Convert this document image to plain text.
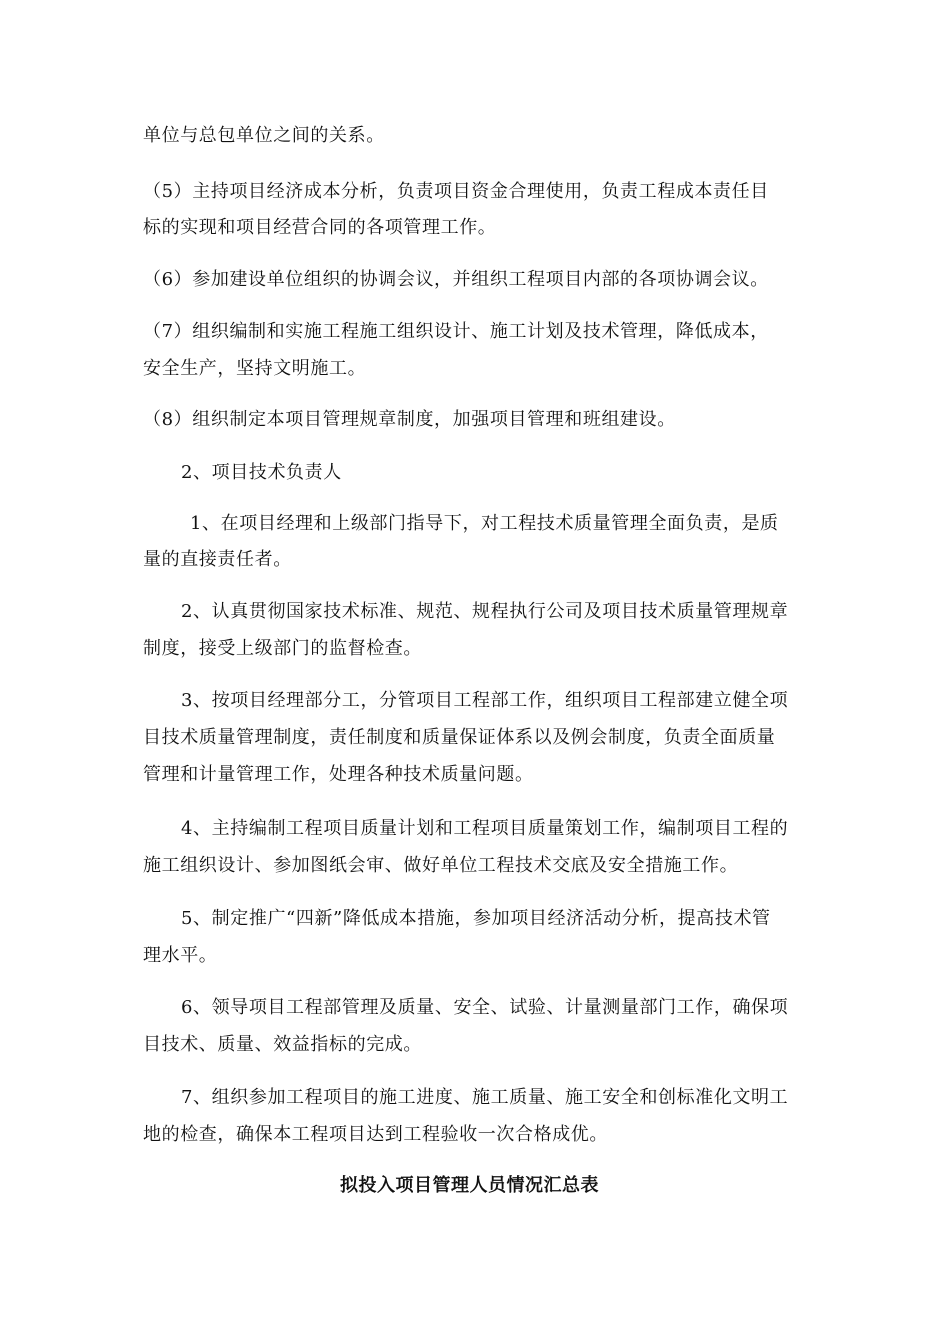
单位与总包单位之间的关系。
（5）主持项目经济成本分析，负责项目资金合理使用，负责工程成本责任目
标的实现和项目经营合同的各项管理工作。
（6）参加建设单位组织的协调会议，并组织工程项目内部的各项协调会议。
（7）组织编制和实施工程施工组织设计、施工计划及技术管理，降低成本，
安全生产，坚持文明施工。
（8）组织制定本项目管理规章制度，加强项目管理和班组建设。
2、项目技术负责人
1、在项目经理和上级部门指导下，对工程技术质量管理全面负责，是质
量的直接责任者。
2、认真贯彻国家技术标准、规范、规程执行公司及项目技术质量管理规章
制度，接受上级部门的监督检查。
3、按项目经理部分工，分管项目工程部工作，组织项目工程部建立健全项
目技术质量管理制度，责任制度和质量保证体系以及例会制度，负责全面质量
管理和计量管理工作，处理各种技术质量问题。
4、主持编制工程项目质量计划和工程项目质量策划工作，编制项目工程的
施工组织设计、参加图纸会审、做好单位工程技术交底及安全措施工作。
5、制定推广“四新”降低成本措施，参加项目经济活动分析，提高技术管
理水平。
6、领导项目工程部管理及质量、安全、试验、计量测量部门工作，确保项
目技术、质量、效益指标的完成。
7、组织参加工程项目的施工进度、施工质量、施工安全和创标准化文明工
地的检查，确保本工程项目达到工程验收一次合格成优。
拟投入项目管理人员情况汇总表
